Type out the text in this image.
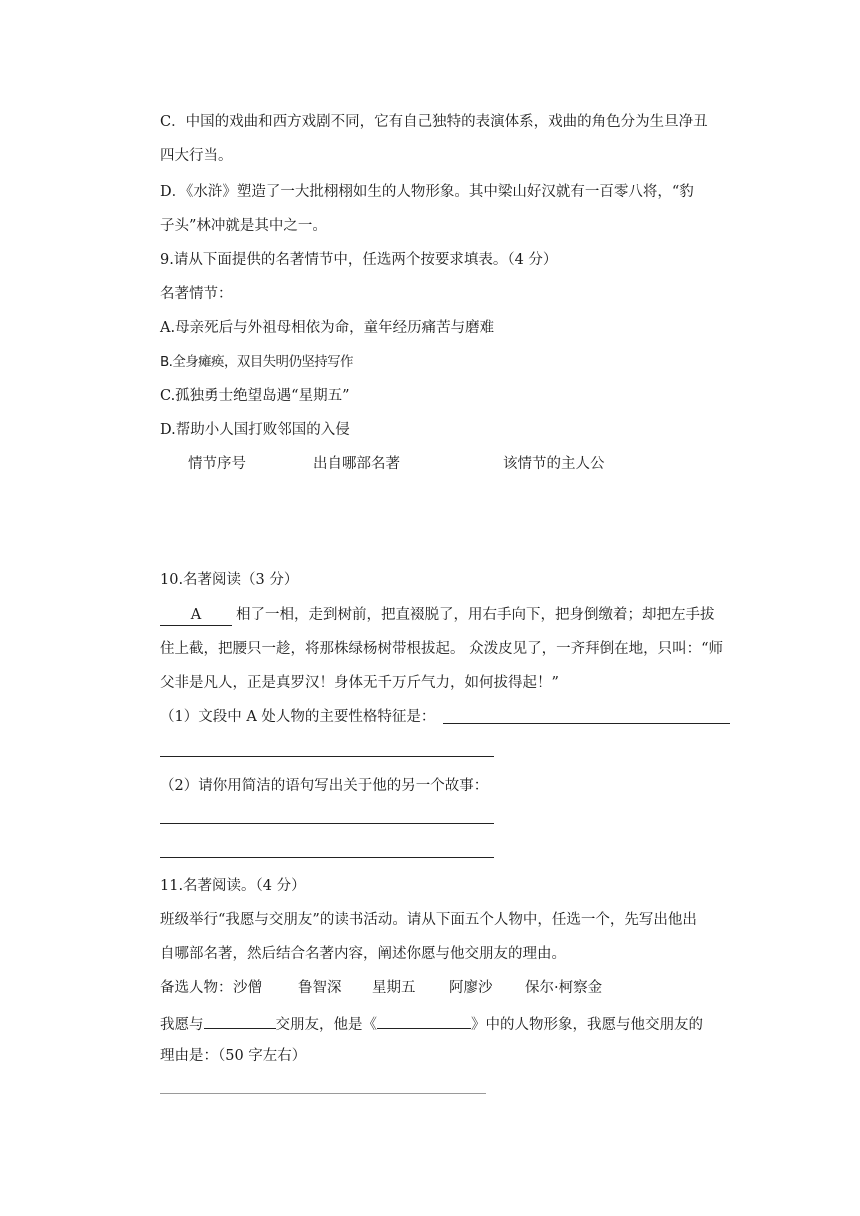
C．中国的戏曲和西方戏剧不同，它有自己独特的表演体系，戏曲的角色分为生旦净丑
四大行当。
D．《水浒》塑造了一大批栩栩如生的人物形象。其中梁山好汉就有一百零八将，“豹
子头”林冲就是其中之一。
9.请从下面提供的名著情节中，任选两个按要求填表。（4 分）
名著情节：
A.母亲死后与外祖母相依为命，童年经历痛苦与磨难
B.全身瘫痪，双目失明仍坚持写作
C.孤独勇士绝望岛遇“星期五”
D.帮助小人国打败邻国的入侵
情节序号	出自哪部名著	该情节的主人公
10.名著阅读（3 分）
A 相了一相，走到树前，把直裰脱了，用右手向下，把身倒缴着；却把左手拔
住上截，把腰只一趁，将那株绿杨树带根拔起。 众泼皮见了，一齐拜倒在地，只叫：“师
父非是凡人，正是真罗汉！身体无千万斤气力，如何拔得起！”
（1）文段中 A 处人物的主要性格特征是：
（2）请你用简洁的语句写出关于他的另一个故事：
11.名著阅读。（4 分）
班级举行“我愿与交朋友”的读书活动。请从下面五个人物中，任选一个，先写出他出
自哪部名著，然后结合名著内容，阐述你愿与他交朋友的理由。
备选人物： 沙僧 鲁智深 星期五 阿廖沙 保尔·柯察金
我愿与	交朋友，他是《	》中的人物形象，我愿与他交朋友的
理由是：（50 字左右）
